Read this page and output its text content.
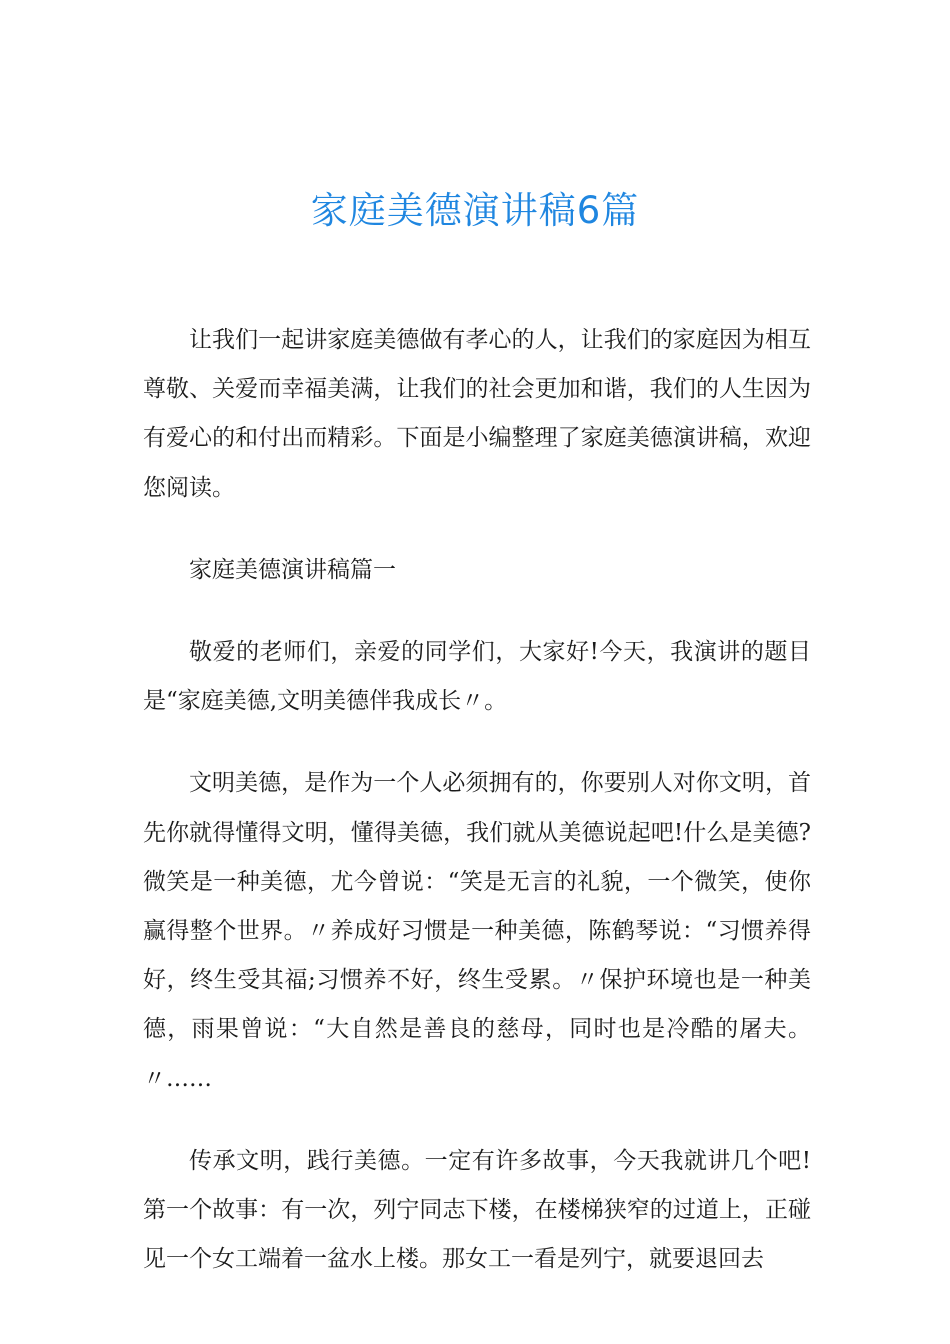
家庭美德演讲稿6篇

让我们一起讲家庭美德做有孝心的人，让我们的家庭因为相互尊敬、关爱而幸福美满，让我们的社会更加和谐，我们的人生因为有爱心的和付出而精彩。下面是小编整理了家庭美德演讲稿，欢迎您阅读。

家庭美德演讲稿篇一

敬爱的老师们，亲爱的同学们，大家好!今天，我演讲的题目是“家庭美德,文明美德伴我成长〃。

文明美德，是作为一个人必须拥有的，你要别人对你文明，首先你就得懂得文明，懂得美德，我们就从美德说起吧!什么是美德?微笑是一种美德，尤今曾说：“笑是无言的礼貌，一个微笑，使你赢得整个世界。〃养成好习惯是一种美德，陈鹤琴说：“习惯养得好，终生受其福;习惯养不好，终生受累。〃保护环境也是一种美德，雨果曾说：“大自然是善良的慈母，同时也是冷酷的屠夫。〃……

传承文明，践行美德。一定有许多故事，今天我就讲几个吧!第一个故事：有一次，列宁同志下楼，在楼梯狭窄的过道上，正碰见一个女工端着一盆水上楼。那女工一看是列宁，就要退回去
